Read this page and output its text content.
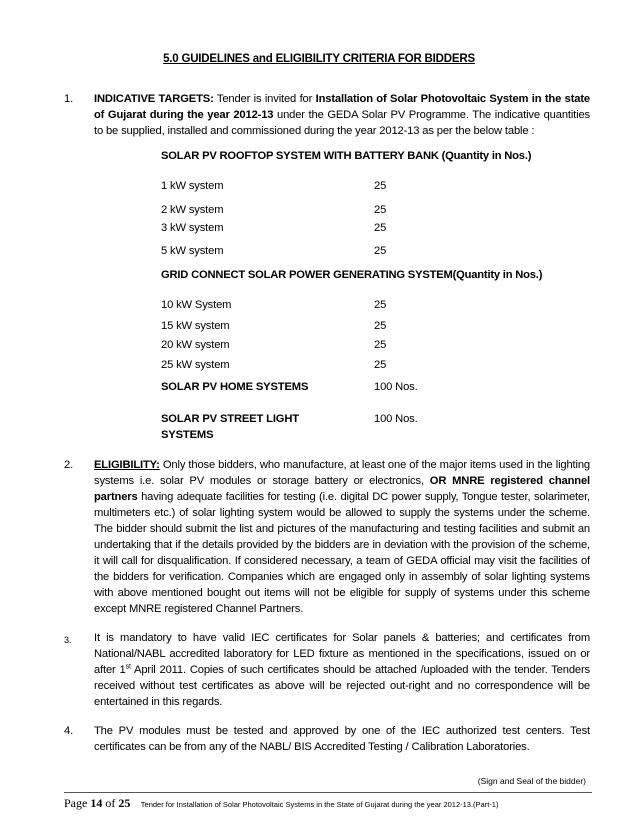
5.0 GUIDELINES and ELIGIBILITY CRITERIA FOR BIDDERS
1. INDICATIVE TARGETS: Tender is invited for Installation of Solar Photovoltaic System in the state of Gujarat during the year 2012-13 under the GEDA Solar PV Programme. The indicative quantities to be supplied, installed and commissioned during the year 2012-13 as per the below table :
SOLAR PV ROOFTOP SYSTEM WITH BATTERY BANK (Quantity in Nos.)
1 kW system	25
2 kW system	25
3 kW system	25
5 kW system	25
GRID CONNECT SOLAR POWER GENERATING SYSTEM(Quantity in Nos.)
10 kW System	25
15 kW system	25
20 kW system	25
25 kW system	25
SOLAR PV HOME SYSTEMS	100 Nos.
SOLAR PV STREET LIGHT	100 Nos.
SYSTEMS
2. ELIGIBILITY: Only those bidders, who manufacture, at least one of the major items used in the lighting systems i.e. solar PV modules or storage battery or electronics, OR MNRE registered channel partners having adequate facilities for testing (i.e. digital DC power supply, Tongue tester, solarimeter, multimeters etc.) of solar lighting system would be allowed to supply the systems under the scheme. The bidder should submit the list and pictures of the manufacturing and testing facilities and submit an undertaking that if the details provided by the bidders are in deviation with the provision of the scheme, it will call for disqualification. If considered necessary, a team of GEDA official may visit the facilities of the bidders for verification. Companies which are engaged only in assembly of solar lighting systems with above mentioned bought out items will not be eligible for supply of systems under this scheme except MNRE registered Channel Partners.
3. It is mandatory to have valid IEC certificates for Solar panels & batteries; and certificates from National/NABL accredited laboratory for LED fixture as mentioned in the specifications, issued on or after 1st April 2011. Copies of such certificates should be attached /uploaded with the tender. Tenders received without test certificates as above will be rejected out-right and no correspondence will be entertained in this regards.
4. The PV modules must be tested and approved by one of the IEC authorized test centers. Test certificates can be from any of the NABL/ BIS Accredited Testing / Calibration Laboratories.
(Sign and Seal of the bidder)
Page 14 of 25 Tender for Installation of Solar Photovoltaic Systems in the State of Gujarat during the year 2012-13.(Part-1)
